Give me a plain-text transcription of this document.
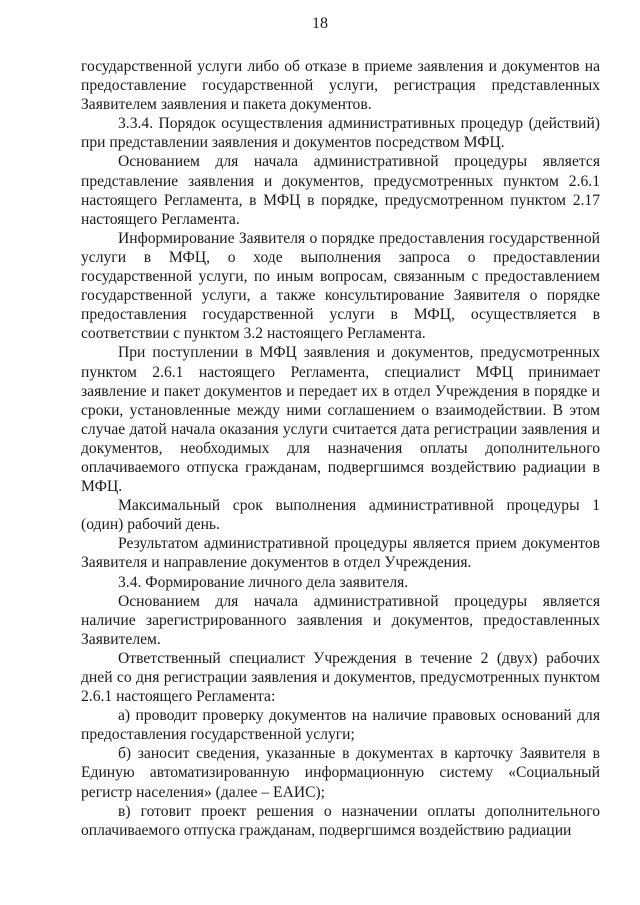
18

государственной услуги либо об отказе в приеме заявления и документов на предоставление государственной услуги, регистрация представленных Заявителем заявления и пакета документов.

3.3.4. Порядок осуществления административных процедур (действий) при представлении заявления и документов посредством МФЦ.

Основанием для начала административной процедуры является представление заявления и документов, предусмотренных пунктом 2.6.1 настоящего Регламента, в МФЦ в порядке, предусмотренном пунктом 2.17 настоящего Регламента.

Информирование Заявителя о порядке предоставления государственной услуги в МФЦ, о ходе выполнения запроса о предоставлении государственной услуги, по иным вопросам, связанным с предоставлением государственной услуги, а также консультирование Заявителя о порядке предоставления государственной услуги в МФЦ, осуществляется в соответствии с пунктом 3.2 настоящего Регламента.

При поступлении в МФЦ заявления и документов, предусмотренных пунктом 2.6.1 настоящего Регламента, специалист МФЦ принимает заявление и пакет документов и передает их в отдел Учреждения в порядке и сроки, установленные между ними соглашением о взаимодействии. В этом случае датой начала оказания услуги считается дата регистрации заявления и документов, необходимых для назначения оплаты дополнительного оплачиваемого отпуска гражданам, подвергшимся воздействию радиации в МФЦ.

Максимальный срок выполнения административной процедуры 1 (один) рабочий день.

Результатом административной процедуры является прием документов Заявителя и направление документов в отдел Учреждения.

3.4. Формирование личного дела заявителя.

Основанием для начала административной процедуры является наличие зарегистрированного заявления и документов, предоставленных Заявителем.

Ответственный специалист Учреждения в течение 2 (двух) рабочих дней со дня регистрации заявления и документов, предусмотренных пунктом 2.6.1 настоящего Регламента:

а) проводит проверку документов на наличие правовых оснований для предоставления государственной услуги;

б) заносит сведения, указанные в документах в карточку Заявителя в Единую автоматизированную информационную систему «Социальный регистр населения» (далее – ЕАИС);

в) готовит проект решения о назначении оплаты дополнительного оплачиваемого отпуска гражданам, подвергшимся воздействию радиации
